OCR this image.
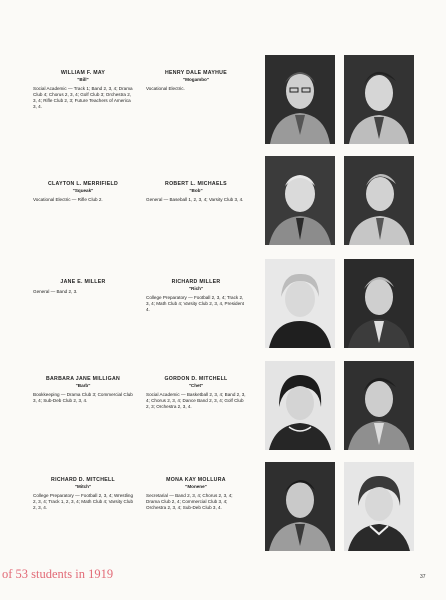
WILLIAM F. MAY
"Bill"
Social Academic — Track 1; Band 2, 3, 4; Drama Club 4; Chorus 2, 3, 4; Golf Club 3; Orchestra 2, 3, 4; Rifle Club 2, 3; Future Teachers of America 3, 4.
HENRY DALE MAYHUE
"Mogambo"
Vocational Electric.
CLAYTON L. MERRIFIELD
"Squeak"
Vocational Electric — Rifle Club 2.
ROBERT L. MICHAELS
"Bob"
General — Baseball 1, 2, 3, 4; Varsity Club 3, 4.
JANE E. MILLER
General — Band 2, 3.
RICHARD MILLER
"Rich"
College Preparatory — Football 2, 3, 4; Track 2, 3, 4; Math Club 4; Varsity Club 2, 3, 4, President 4.
BARBARA JANE MILLIGAN
"Barb"
Bookkeeping — Drama Club 3; Commercial Club 3, 4; Sub-Deb Club 2, 3, 4.
GORDON D. MITCHELL
"Chet"
Social Academic — Basketball 2, 3, 4; Band 2, 3, 4; Chorus 2, 3, 4; Dance Band 2, 3, 4; Golf Club 2, 3; Orchestra 2, 3, 4.
RICHARD D. MITCHELL
"Mitch"
College Preparatory — Football 2, 3, 4; Wrestling 2, 3, 4; Track 1, 2, 3, 4; Math Club 4; Varsity Club 2, 3, 4.
MONA KAY MOLLURA
"Monene"
Secretarial — Band 2, 3, 4; Chorus 2, 3, 4; Drama Club 2, 4; Commercial Club 3, 4; Orchestra 2, 3, 4; Sub-Deb Club 3, 4.
of 53 students in 1919	37
